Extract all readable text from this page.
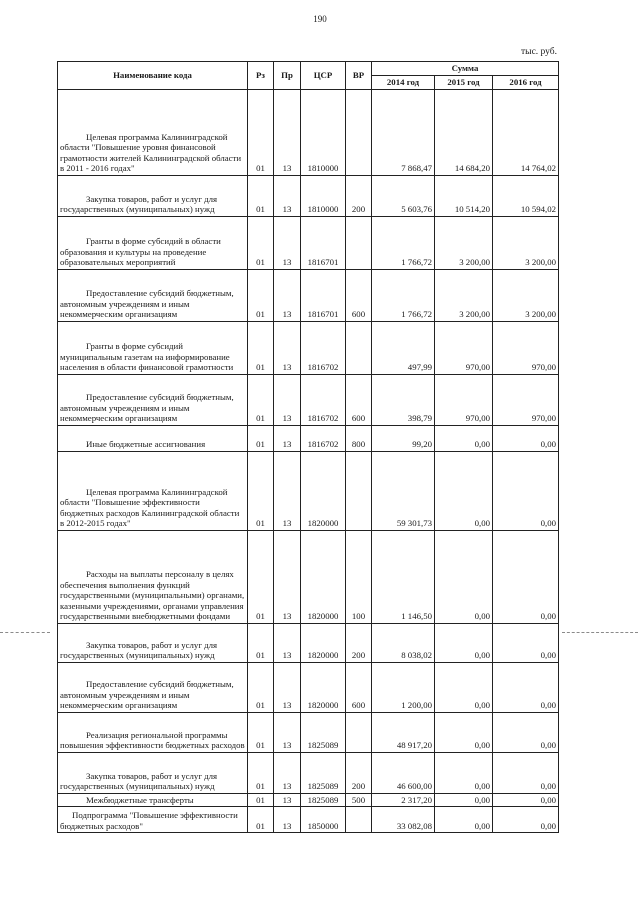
190
тыс. руб.
Наименование кода	Рз	Пр	ЦСР	ВР	Сумма		
					2014 год	2015 год	2016 год

Целевая программа Калининградской области "Повышение уровня финансовой грамотности жителей Калининградской области в 2011 - 2016 годах"	01	13	1810000		7 868,47	14 684,20	14 764,02

Закупка товаров, работ и услуг для государственных (муниципальных) нужд	01	13	1810000	200	5 603,76	10 514,20	10 594,02

Гранты в форме субсидий в области образования и культуры на проведение образовательных мероприятий	01	13	1816701		1 766,72	3 200,00	3 200,00

Предоставление субсидий бюджетным, автономным учреждениям и иным некоммерческим организациям	01	13	1816701	600	1 766,72	3 200,00	3 200,00

Гранты в форме субсидий муниципальным газетам на информирование населения в области финансовой грамотности	01	13	1816702		497,99	970,00	970,00

Предоставление субсидий бюджетным, автономным учреждениям и иным некоммерческим организациям	01	13	1816702	600	398,79	970,00	970,00

Иные бюджетные ассигнования	01	13	1816702	800	99,20	0,00	0,00

Целевая программа Калининградской области "Повышение эффективности бюджетных расходов Калининградской области в 2012-2015 годах"	01	13	1820000		59 301,73	0,00	0,00

Расходы на выплаты персоналу в целях обеспечения выполнения функций государственными (муниципальными) органами, казенными учреждениями, органами управления государственными внебюджетными фондами	01	13	1820000	100	1 146,50	0,00	0,00

Закупка товаров, работ и услуг для государственных (муниципальных) нужд	01	13	1820000	200	8 038,02	0,00	0,00

Предоставление субсидий бюджетным, автономным учреждениям и иным некоммерческим организациям	01	13	1820000	600	1 200,00	0,00	0,00

Реализация региональной программы повышения эффективности бюджетных расходов	01	13	1825089		48 917,20	0,00	0,00

Закупка товаров, работ и услуг для государственных (муниципальных) нужд	01	13	1825089	200	46 600,00	0,00	0,00

Межбюджетные трансферты	01	13	1825089	500	2 317,20	0,00	0,00

Подпрограмма "Повышение эффективности бюджетных расходов"	01	13	1850000		33 082,08	0,00	0,00
